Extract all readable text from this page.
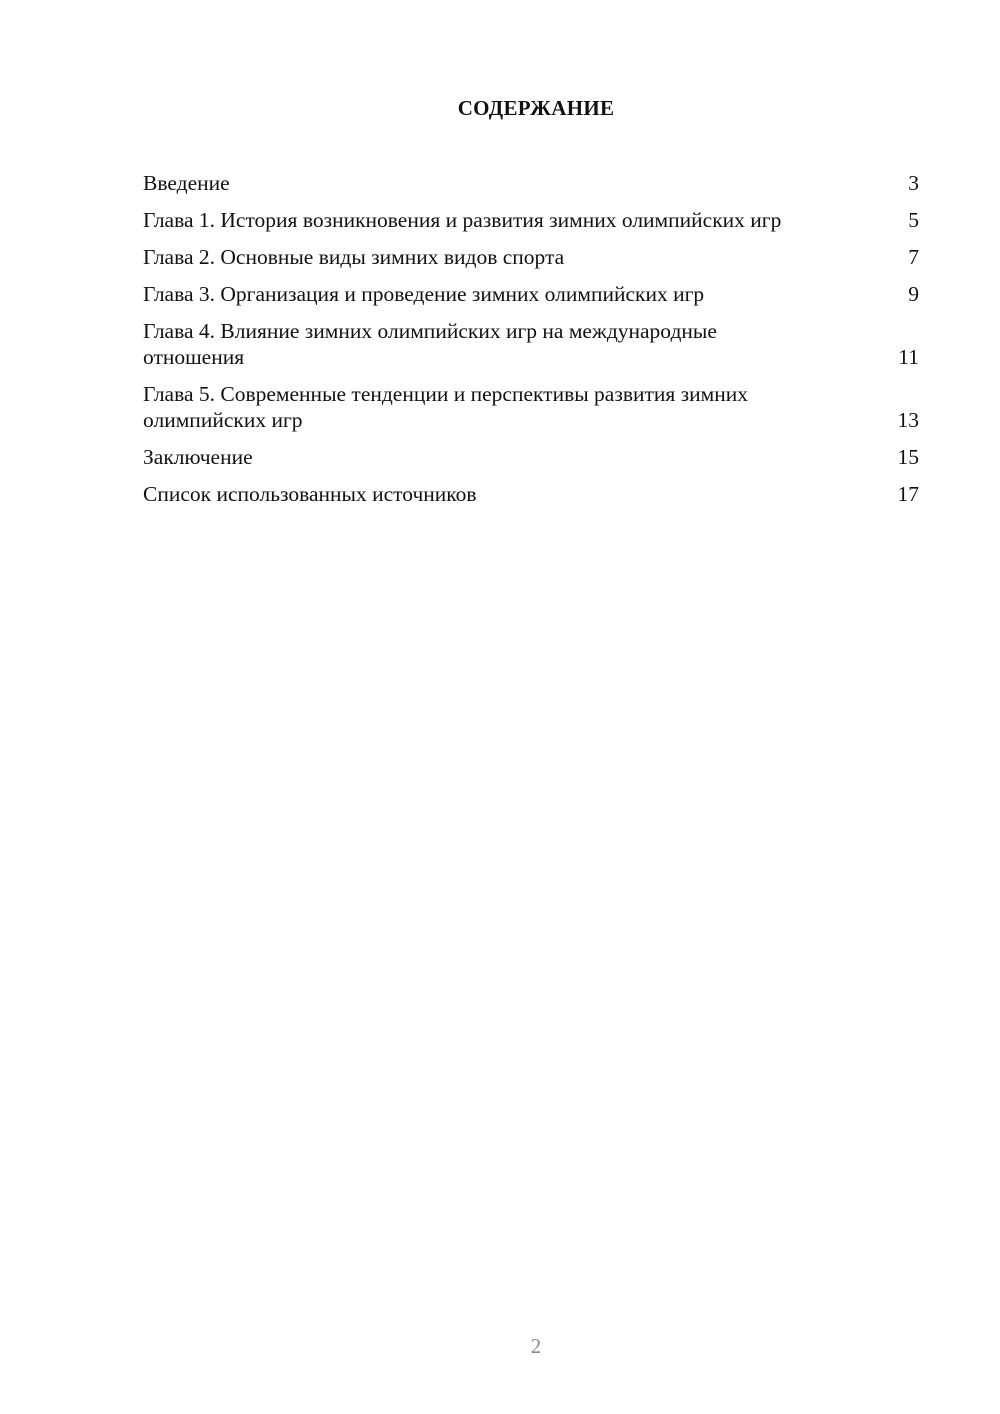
СОДЕРЖАНИЕ
Введение	3
Глава 1. История возникновения и развития зимних олимпийских игр	5
Глава 2. Основные виды зимних видов спорта	7
Глава 3. Организация и проведение зимних олимпийских игр	9
Глава 4. Влияние зимних олимпийских игр на международные отношения	11
Глава 5. Современные тенденции и перспективы развития зимних олимпийских игр	13
Заключение	15
Список использованных источников	17
2
